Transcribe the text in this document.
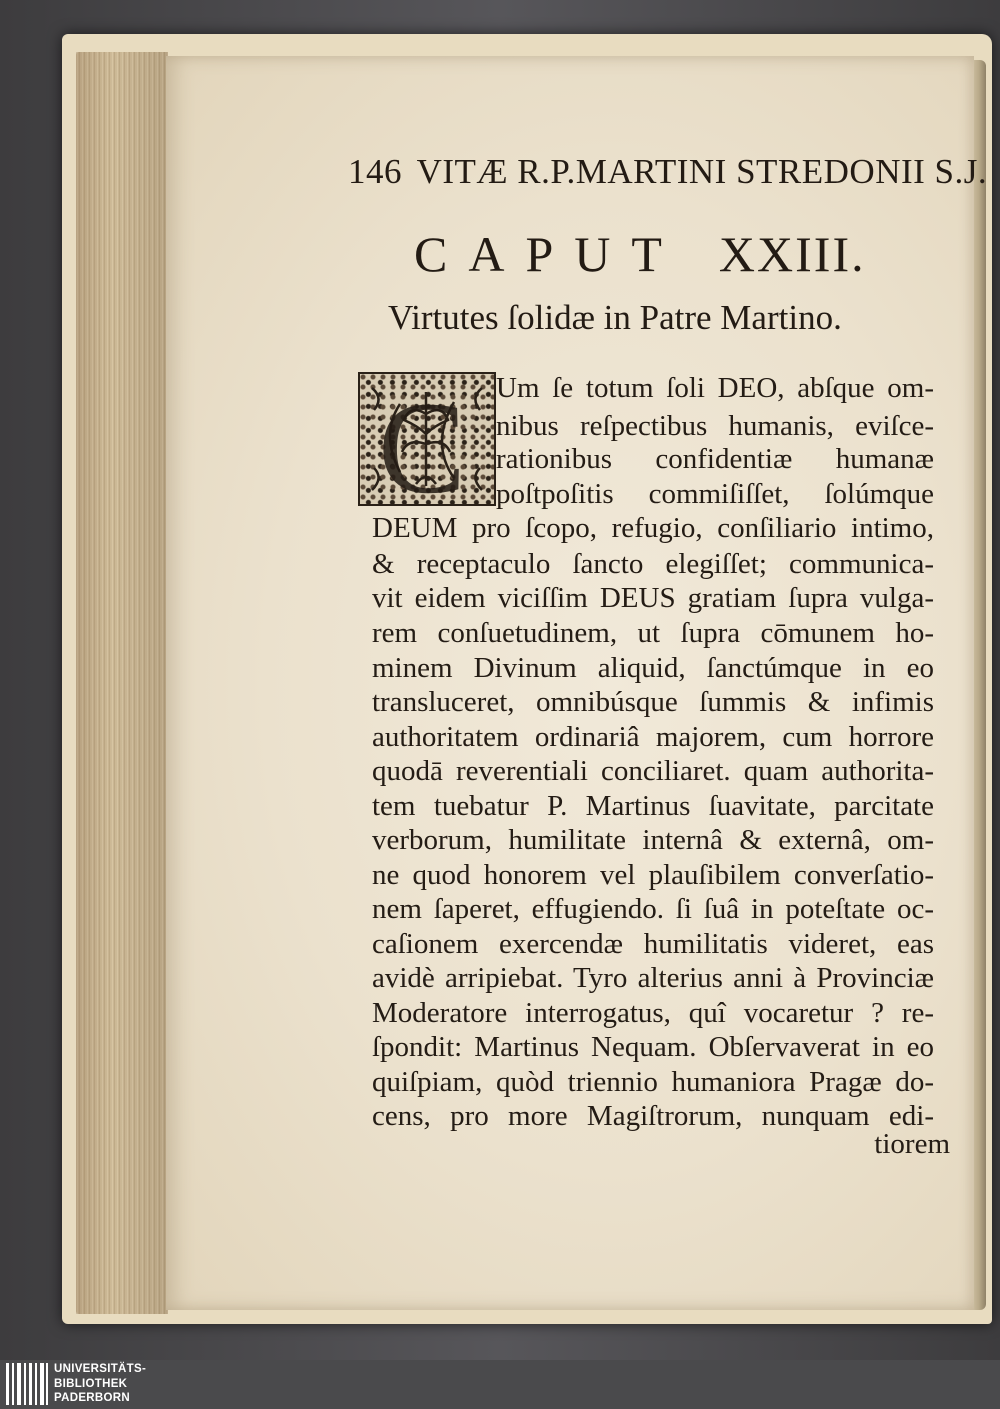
146 VITÆ R.P.MARTINI STREDONII S.J.
CAPUT XXIII.
Virtutes ſolidæ in Patre Martino.
C Um ſe totum ſoli DEO, abſque om-
nibus reſpectibus humanis, eviſce-
rationibus confidentiæ humanæ
poſtpoſitis commiſiſſet, ſolúmque
DEUM pro ſcopo, refugio, conſiliario intimo,
& receptaculo ſancto elegiſſet; communica-
vit eidem viciſſim DEUS gratiam ſupra vulga-
rem conſuetudinem, ut ſupra cōmunem ho-
minem Divinum aliquid, ſanctúmque in eo
transluceret, omnibúsque ſummis & infimis
authoritatem ordinariâ majorem, cum horrore
quodā reverentiali conciliaret. quam authorita-
tem tuebatur P. Martinus ſuavitate, parcitate
verborum, humilitate internâ & externâ, om-
ne quod honorem vel plauſibilem converſatio-
nem ſaperet, effugiendo. ſi ſuâ in poteſtate oc-
caſionem exercendæ humilitatis videret, eas
avidè arripiebat. Tyro alterius anni à Provinciæ
Moderatore interrogatus, quî vocaretur ? re-
ſpondit: Martinus Nequam. Obſervaverat in eo
quiſpiam, quòd triennio humaniora Pragæ do-
cens, pro more Magiſtrorum, nunquam edi-
tiorem
UNIVERSITÄTS-
BIBLIOTHEK
PADERBORN
